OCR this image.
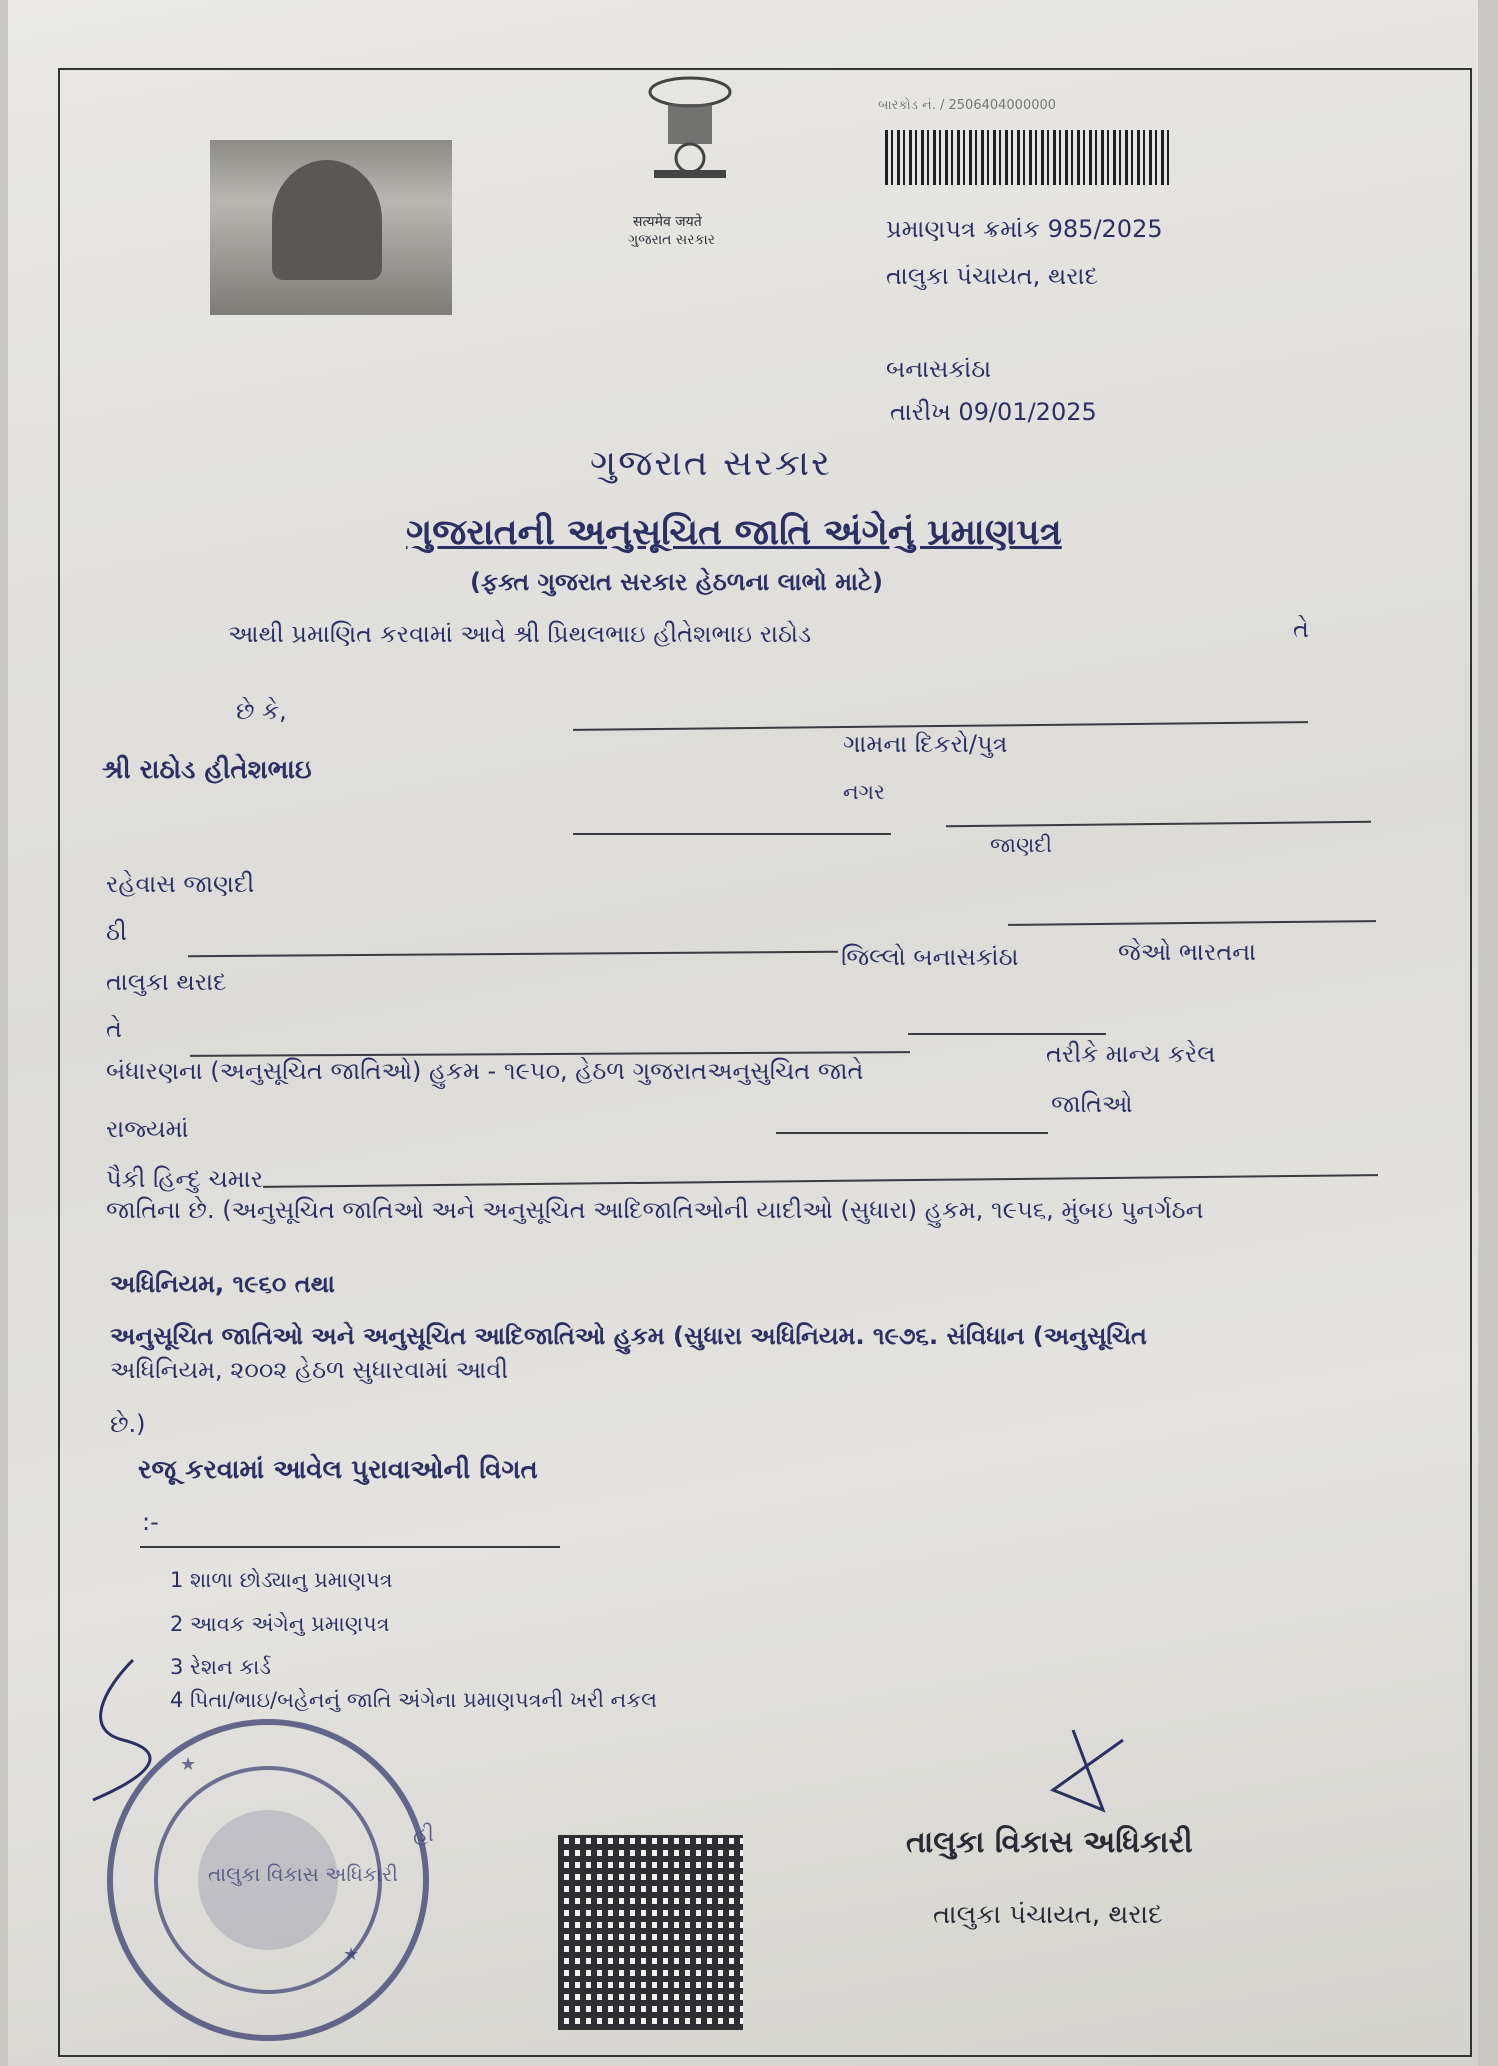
सत्यमेव जयते
ગુજરાત સરકાર
બારકોડ નં. / 2506404000000
પ્રમાણપત્ર ક્રમાંક 985/2025
તાલુકા પંચાયત, થરાદ
બનાસકાંઠા
તારીખ 09/01/2025
ગુજરાત સરકાર
ગુજરાતની અનુસૂચિત જાતિ અંગેનું પ્રમાણપત્ર
(ફક્ત ગુજરાત સરકાર હેઠળના લાભો માટે)
આથી પ્રમાણિત કરવામાં આવે શ્રી પ્રિથલભાઇ હીતેશભાઇ રાઠોડ	તે
છે કે,
શ્રી રાઠોડ હીતેશભાઇ
ગામના દિકરો/પુત્ર
નગર
જાણદી
રહેવાસ જાણદી
ઠી
જિલ્લો બનાસકાંઠા	જેઓ ભારતના
તાલુકા થરાદ
તે
બંધારણના (અનુસૂચિત જાતિઓ) હુકમ - ૧૯૫૦, હેઠળ ગુજરાતઅનુસુચિત જાતે
તરીકે માન્ય કરેલ
જાતિઓ
રાજ્યમાં
પૈકી હિન્દુ ચમાર
જાતિના છે. (અનુસૂચિત જાતિઓ અને અનુસૂચિત આદિજાતિઓની યાદીઓ (સુધારા) હુકમ, ૧૯૫૬, મુંબઇ પુનર્ગઠન
અધિનિયમ, ૧૯૬૦ તથા
અનુસૂચિત જાતિઓ અને અનુસૂચિત આદિજાતિઓ હુકમ (સુધારા અધિનિયમ. ૧૯૭૬. સંવિધાન (અનુસૂચિત
અધિનિયમ, ૨૦૦૨ હેઠળ સુધારવામાં આવી
છે.)
રજૂ કરવામાં આવેલ પુરાવાઓની વિગત
:-
1 શાળા છોડ્યાનુ પ્રમાણપત્ર
2 આવક અંગેનુ પ્રમાણપત્ર
3 રેશન કાર્ડ
4 પિતા/ભાઇ/બહેનનું જાતિ અંગેના પ્રમાણપત્રની ખરી નકલ
★
★
તાલુકા વિકાસ અધિકારી
હી	તાલુકા વિકાસ અધિકારી
તાલુકા પંચાયત, થરાદ
